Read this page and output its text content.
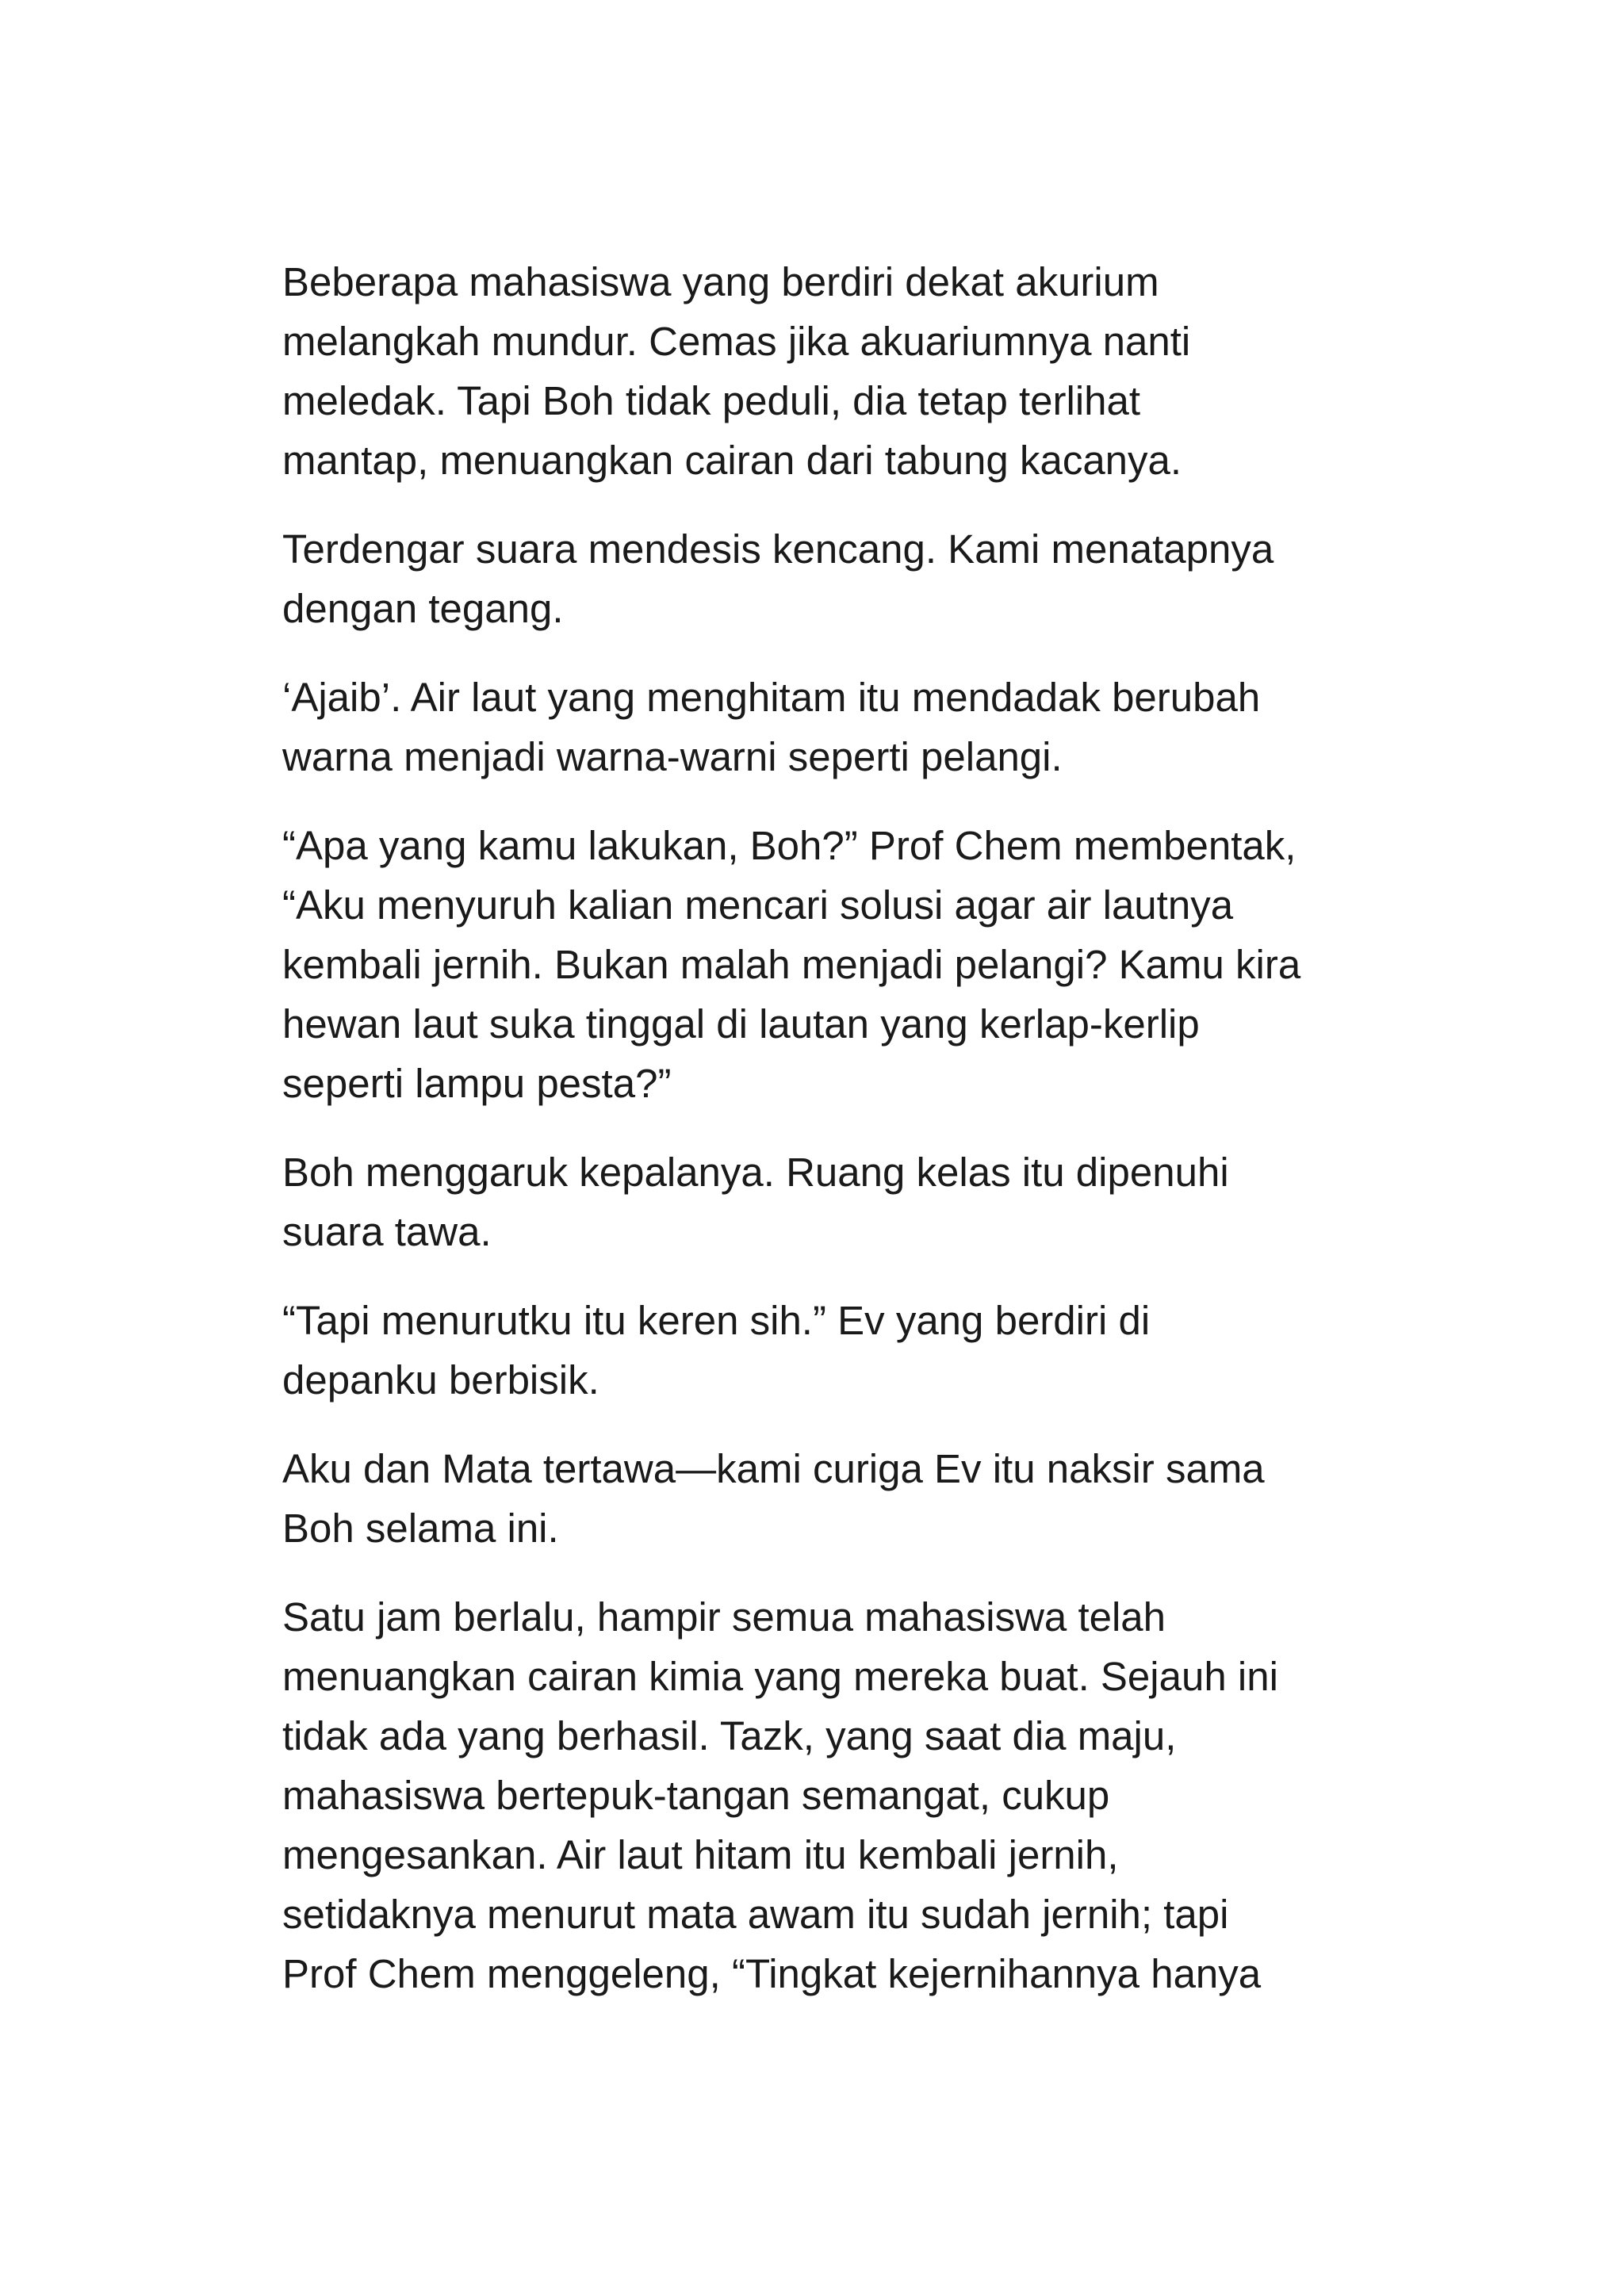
Beberapa mahasiswa yang berdiri dekat akurium
melangkah mundur. Cemas jika akuariumnya nanti
meledak. Tapi Boh tidak peduli, dia tetap terlihat
mantap, menuangkan cairan dari tabung kacanya.

Terdengar suara mendesis kencang. Kami menatapnya
dengan tegang.

‘Ajaib’. Air laut yang menghitam itu mendadak berubah
warna menjadi warna-warni seperti pelangi.

“Apa yang kamu lakukan, Boh?” Prof Chem membentak,
“Aku menyuruh kalian mencari solusi agar air lautnya
kembali jernih. Bukan malah menjadi pelangi? Kamu kira
hewan laut suka tinggal di lautan yang kerlap-kerlip
seperti lampu pesta?”

Boh menggaruk kepalanya. Ruang kelas itu dipenuhi
suara tawa.

“Tapi menurutku itu keren sih.” Ev yang berdiri di
depanku berbisik.

Aku dan Mata tertawa—kami curiga Ev itu naksir sama
Boh selama ini.

Satu jam berlalu, hampir semua mahasiswa telah
menuangkan cairan kimia yang mereka buat. Sejauh ini
tidak ada yang berhasil. Tazk, yang saat dia maju,
mahasiswa bertepuk-tangan semangat, cukup
mengesankan. Air laut hitam itu kembali jernih,
setidaknya menurut mata awam itu sudah jernih; tapi
Prof Chem menggeleng, “Tingkat kejernihannya hanya
